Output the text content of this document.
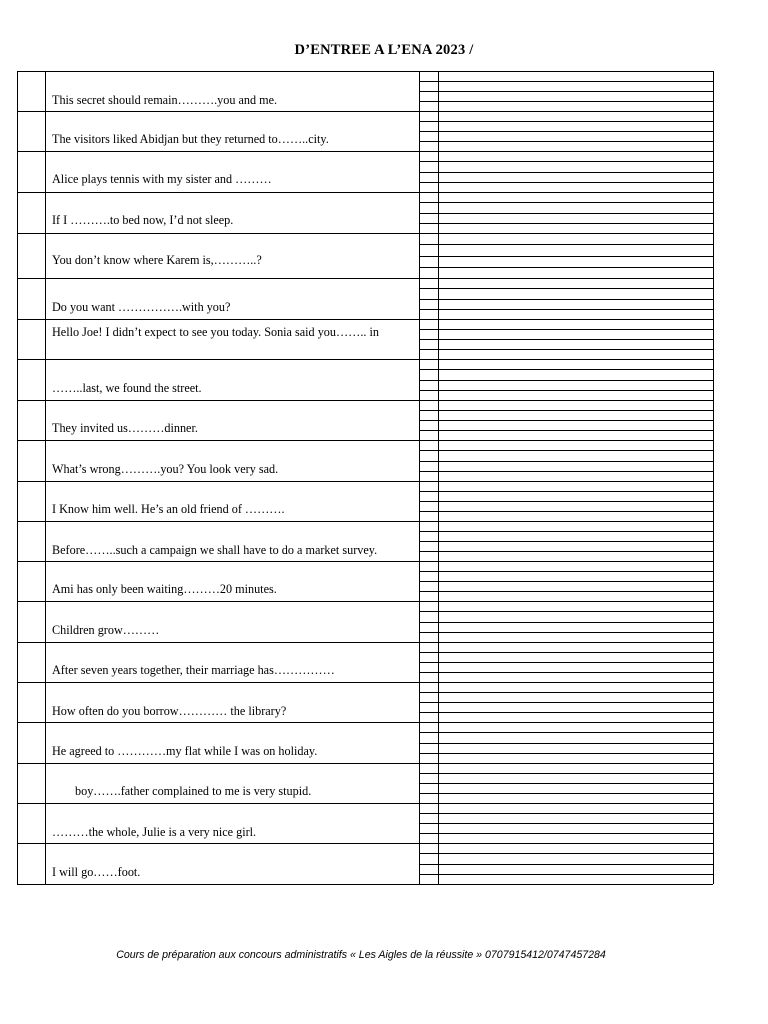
D’ENTREE A L’ENA 2023 /
This secret should remain……….you and me.
The visitors liked Abidjan but they returned to……..city.
Alice plays tennis with my sister and ………
If I ……….to bed now, I’d not sleep.
You don’t know where Karem is,………..?
Do you want …………….with you?
Hello Joe! I didn’t expect to see you today. Sonia said you…….. in
……..last, we found the street.
They invited us………dinner.
What’s wrong……….you? You look very sad.
I Know him well. He’s an old friend of ……….
Before……..such a campaign we shall have to do a market survey.
Ami has only been waiting………20 minutes.
Children grow………
After seven years together, their marriage has……………
How often do you borrow………… the library?
He agreed to …………my flat while I was on holiday.
boy…….father complained to me is very stupid.
………the whole, Julie is a very nice girl.
I will go……foot.
Cours de préparation aux concours administratifs « Les Aigles de la réussite » 0707915412/0747457284
